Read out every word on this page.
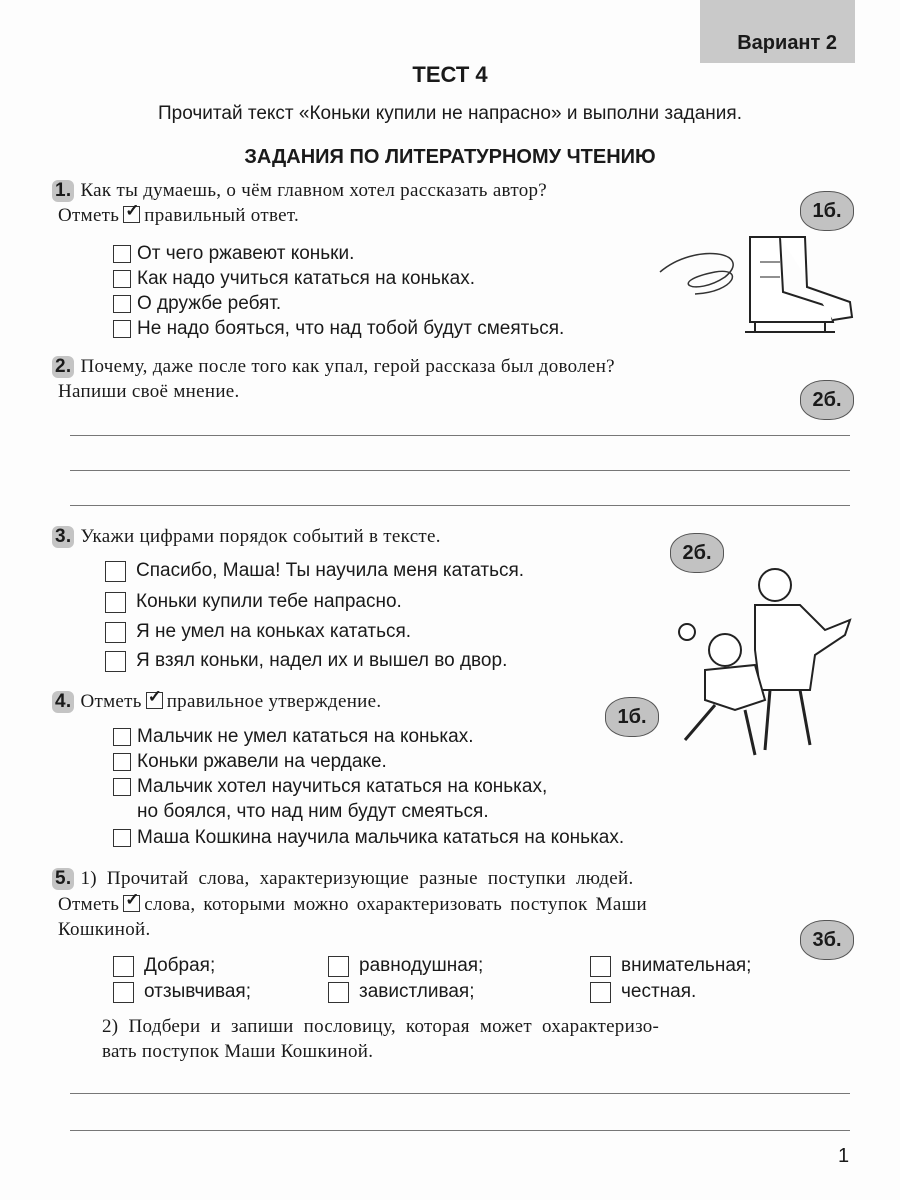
Вариант 2
ТЕСТ 4
Прочитай текст «Коньки купили не напрасно» и выполни задания.
ЗАДАНИЯ ПО ЛИТЕРАТУРНОМУ ЧТЕНИЮ
1. Как ты думаешь, о чём главном хотел рассказать автор?
Отметь ✓ правильный ответ.	1б.
От чего ржавеют коньки.
Как надо учиться кататься на коньках.
О дружбе ребят.
Не надо бояться, что над тобой будут смеяться.
2. Почему, даже после того как упал, герой рассказа был доволен?
Напиши своё мнение.	2б.
3. Укажи цифрами порядок событий в тексте.
2б.
Спасибо, Маша! Ты научила меня кататься.
Коньки купили тебе напрасно.
Я не умел на коньках кататься.
Я взял коньки, надел их и вышел во двор.
4. Отметь ✓ правильное утверждение.
1б.
Мальчик не умел кататься на коньках.
Коньки ржавели на чердаке.
Мальчик хотел научиться кататься на коньках,
но боялся, что над ним будут смеяться.
Маша Кошкина научила мальчика кататься на коньках.
5. 1) Прочитай слова, характеризующие разные поступки людей.
Отметь ✓ слова, которыми можно охарактеризовать поступок Маши
Кошкиной.	3б.
Добрая;	равнодушная;	внимательная;
отзывчивая;	завистливая;	честная.
2) Подбери и запиши пословицу, которая может охарактеризо-
вать поступок Маши Кошкиной.
1
